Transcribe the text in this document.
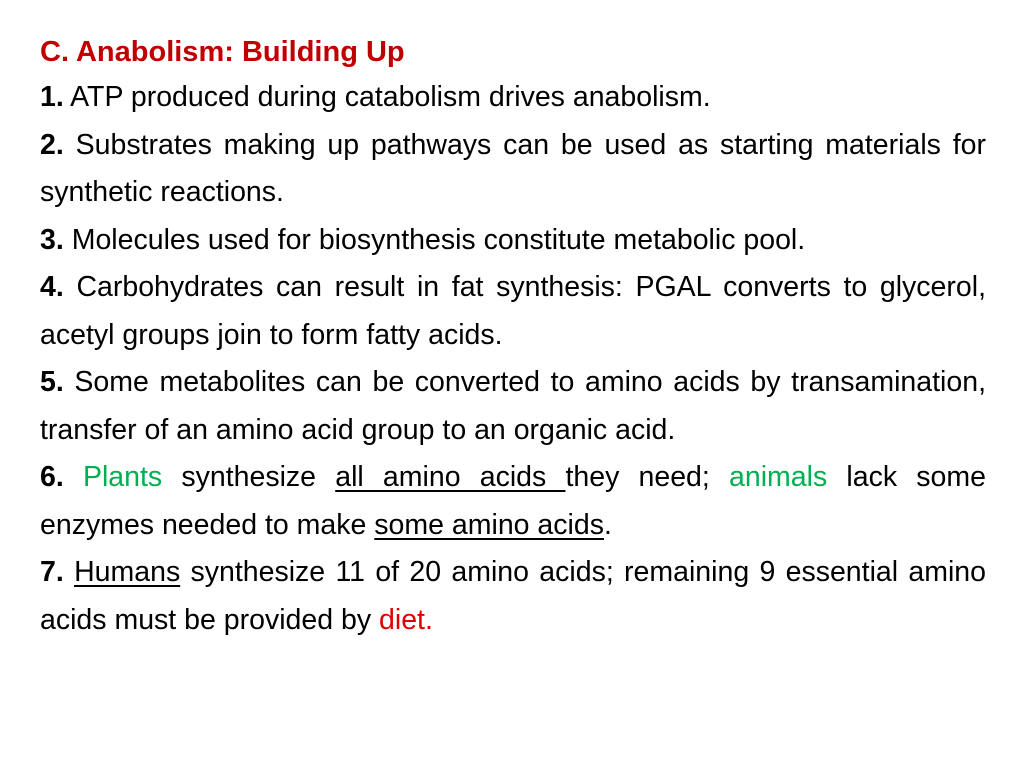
C. Anabolism: Building Up

1. ATP produced during catabolism drives anabolism.

2. Substrates making up pathways can be used as starting materials for synthetic reactions.

3. Molecules used for biosynthesis constitute metabolic pool.

4. Carbohydrates can result in fat synthesis: PGAL converts to glycerol, acetyl groups join to form fatty acids.

5. Some metabolites can be converted to amino acids by transamination, transfer of an amino acid group to an organic acid.

6. Plants synthesize all amino acids they need; animals lack some enzymes needed to make some amino acids.

7. Humans synthesize 11 of 20 amino acids; remaining 9 essential amino acids must be provided by diet.
